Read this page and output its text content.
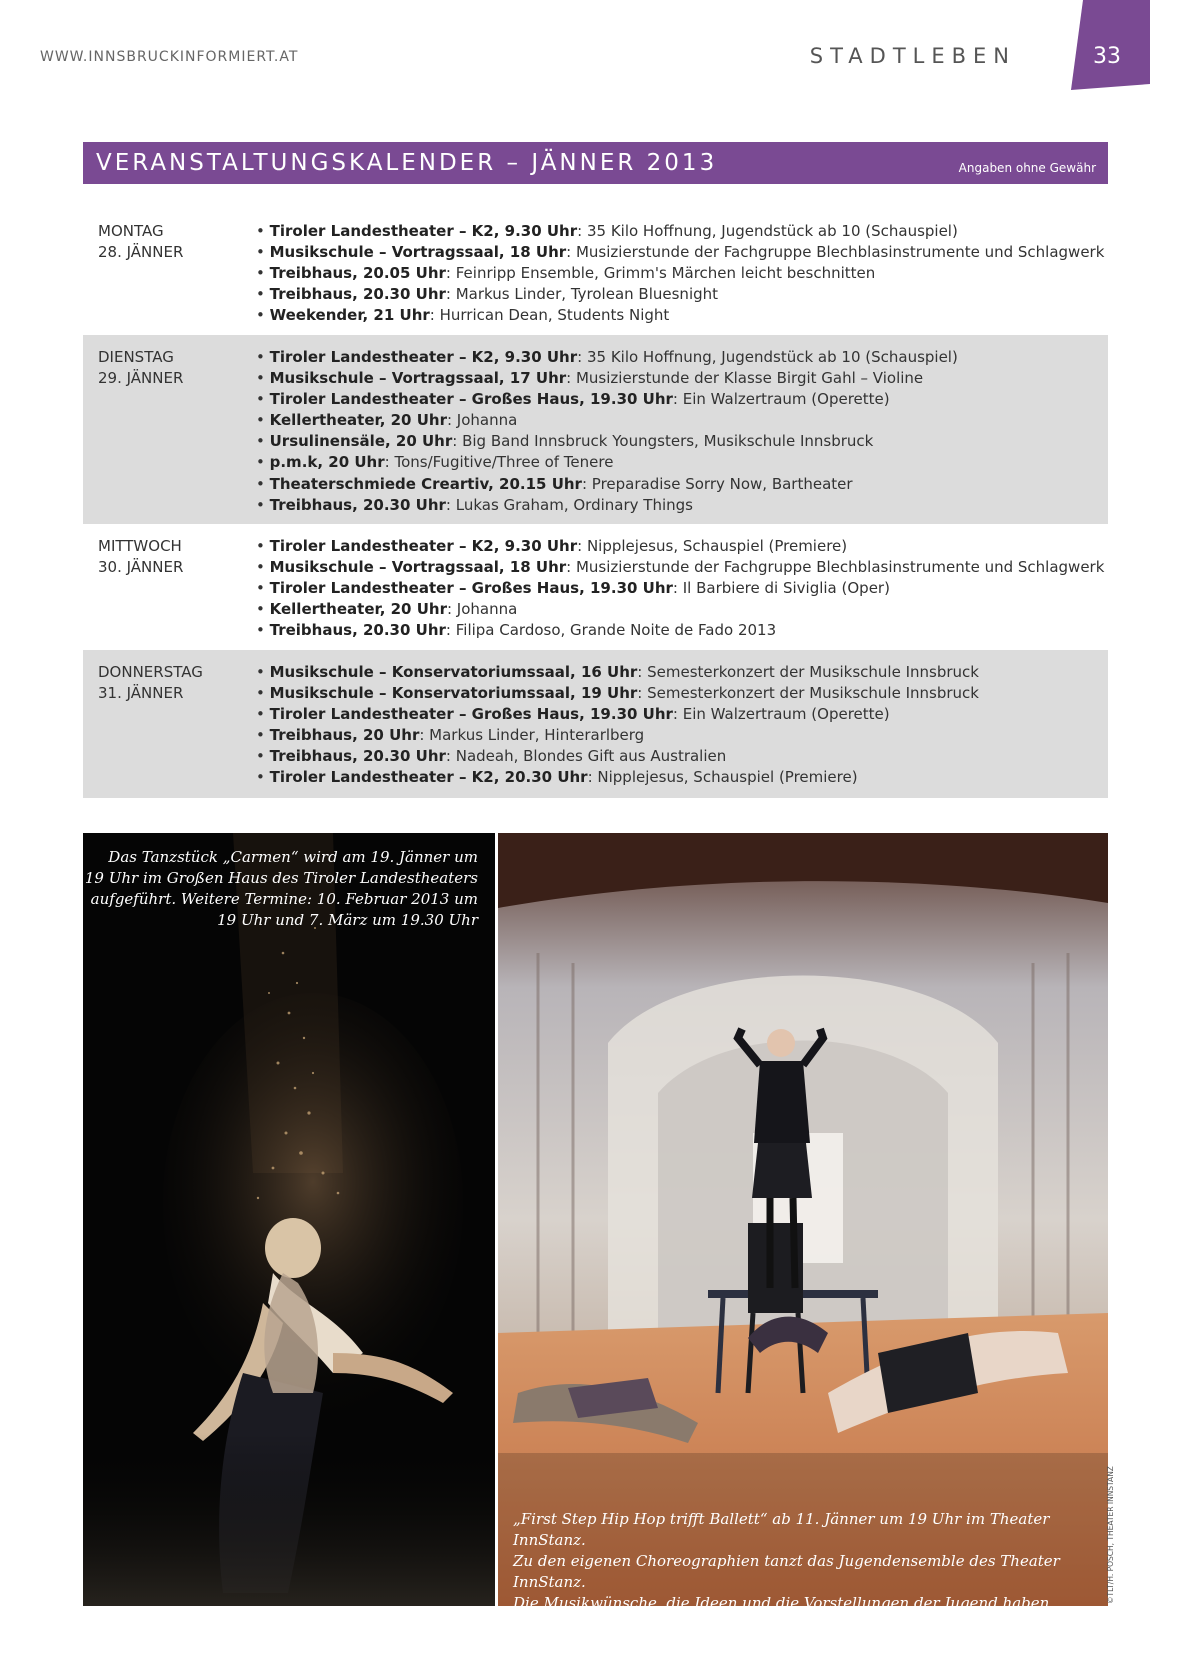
WWW.INNSBRUCKINFORMIERT.AT	STADTLEBEN	33
VERANSTALTUNGSKALENDER – JÄNNER 2013	Angaben ohne Gewähr
MONTAG
28. JÄNNER
• Tiroler Landestheater – K2, 9.30 Uhr: 35 Kilo Hoffnung, Jugendstück ab 10 (Schauspiel)
• Musikschule – Vortragssaal, 18 Uhr: Musizierstunde der Fachgruppe Blechblasinstrumente und Schlagwerk
• Treibhaus, 20.05 Uhr: Feinripp Ensemble, Grimm's Märchen leicht beschnitten
• Treibhaus, 20.30 Uhr: Markus Linder, Tyrolean Bluesnight
• Weekender, 21 Uhr: Hurrican Dean, Students Night
DIENSTAG
29. JÄNNER
• Tiroler Landestheater – K2, 9.30 Uhr: 35 Kilo Hoffnung, Jugendstück ab 10 (Schauspiel)
• Musikschule – Vortragssaal, 17 Uhr: Musizierstunde der Klasse Birgit Gahl – Violine
• Tiroler Landestheater – Großes Haus, 19.30 Uhr: Ein Walzertraum (Operette)
• Kellertheater, 20 Uhr: Johanna
• Ursulinensäle, 20 Uhr: Big Band Innsbruck Youngsters, Musikschule Innsbruck
• p.m.k, 20 Uhr: Tons/Fugitive/Three of Tenere
• Theaterschmiede Creartiv, 20.15 Uhr: Preparadise Sorry Now, Bartheater
• Treibhaus, 20.30 Uhr: Lukas Graham, Ordinary Things
MITTWOCH
30. JÄNNER
• Tiroler Landestheater – K2, 9.30 Uhr: Nipplejesus, Schauspiel (Premiere)
• Musikschule – Vortragssaal, 18 Uhr: Musizierstunde der Fachgruppe Blechblasinstrumente und Schlagwerk
• Tiroler Landestheater – Großes Haus, 19.30 Uhr: Il Barbiere di Siviglia (Oper)
• Kellertheater, 20 Uhr: Johanna
• Treibhaus, 20.30 Uhr: Filipa Cardoso, Grande Noite de Fado 2013
DONNERSTAG
31. JÄNNER
• Musikschule – Konservatoriumssaal, 16 Uhr: Semesterkonzert der Musikschule Innsbruck
• Musikschule – Konservatoriumssaal, 19 Uhr: Semesterkonzert der Musikschule Innsbruck
• Tiroler Landestheater – Großes Haus, 19.30 Uhr: Ein Walzertraum (Operette)
• Treibhaus, 20 Uhr: Markus Linder, Hinterarlberg
• Treibhaus, 20.30 Uhr: Nadeah, Blondes Gift aus Australien
• Tiroler Landestheater – K2, 20.30 Uhr: Nipplejesus, Schauspiel (Premiere)
Das Tanzstück „Carmen“ wird am 19. Jänner um
19 Uhr im Großen Haus des Tiroler Landestheaters
aufgeführt. Weitere Termine: 10. Februar 2013 um
19 Uhr und 7. März um 19.30 Uhr
„First Step Hip Hop trifft Ballett“ ab 11. Jänner um 19 Uhr im Theater InnStanz.
Zu den eigenen Choreographien tanzt das Jugendensemble des Theater InnStanz.
Die Musikwünsche, die Ideen und die Vorstellungen der Jugend haben
freien Lauf und werden direkt eingebunden.
©TLT/H. POSCH, THEATER INNSTANZ
